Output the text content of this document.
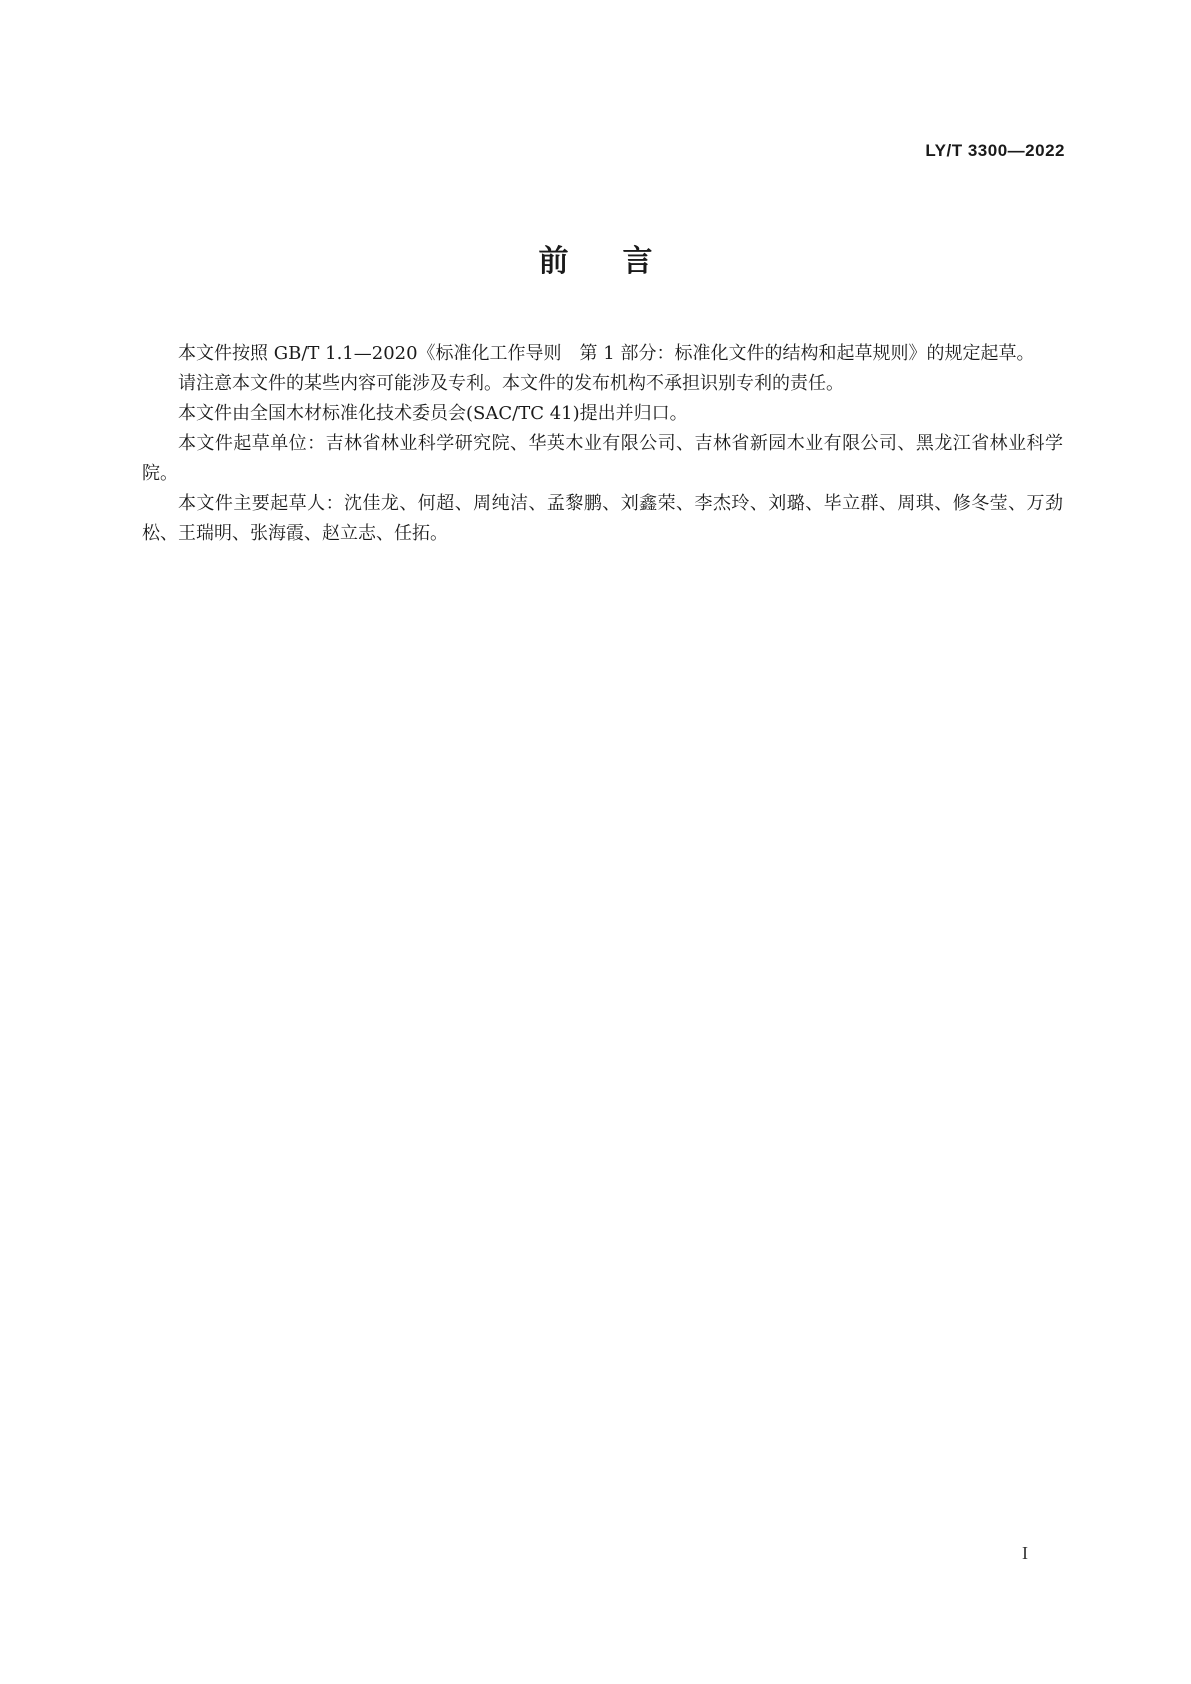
LY/T 3300—2022
前言

本文件按照 GB/T 1.1—2020《标准化工作导则　第 1 部分：标准化文件的结构和起草规则》的规定起草。

请注意本文件的某些内容可能涉及专利。本文件的发布机构不承担识别专利的责任。

本文件由全国木材标准化技术委员会(SAC/TC 41)提出并归口。

本文件起草单位：吉林省林业科学研究院、华英木业有限公司、吉林省新园木业有限公司、黑龙江省林业科学院。

本文件主要起草人：沈佳龙、何超、周纯洁、孟黎鹏、刘鑫荣、李杰玲、刘璐、毕立群、周琪、修冬莹、万劲松、王瑞明、张海霞、赵立志、任拓。

I
